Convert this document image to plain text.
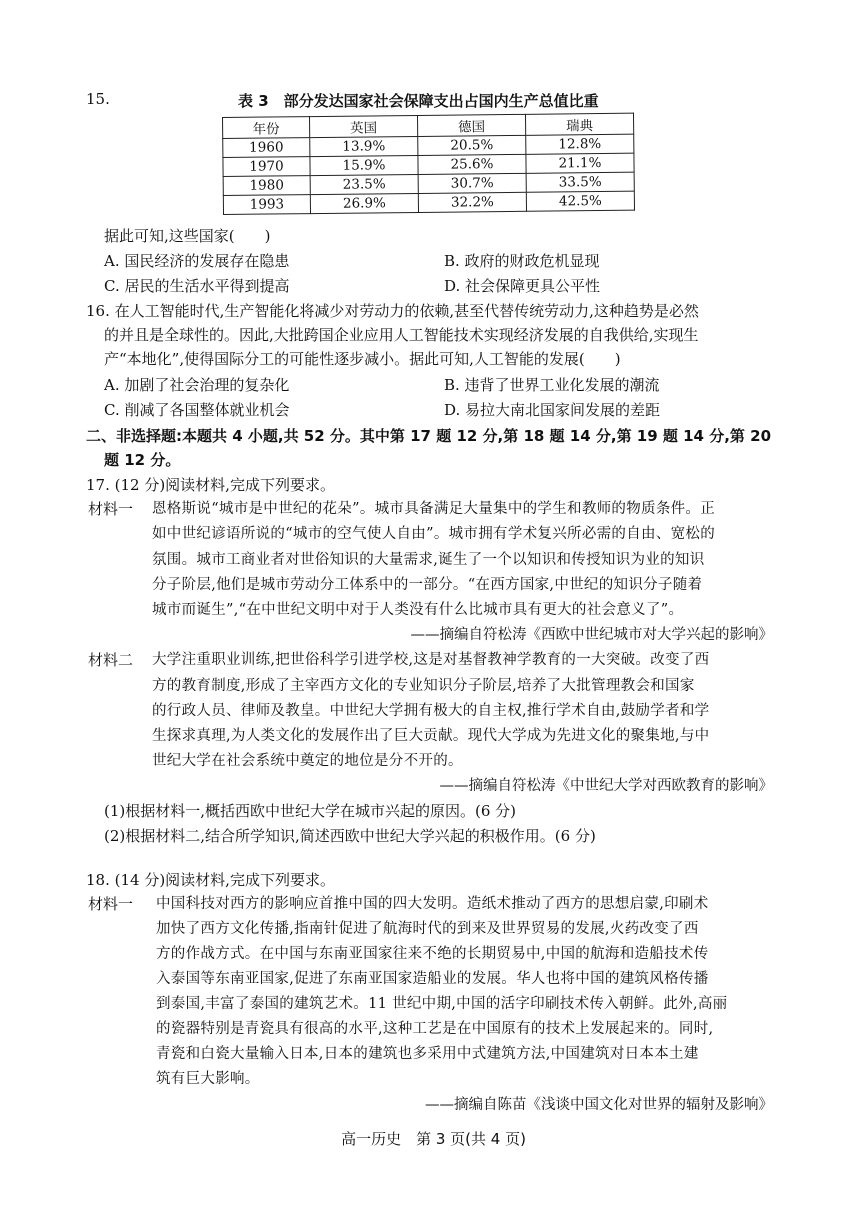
15.	表 3　部分发达国家社会保障支出占国内生产总值比重
年份	英国	德国	瑞典
1960	13.9%	20.5%	12.8%
1970	15.9%	25.6%	21.1%
1980	23.5%	30.7%	33.5%
1993	26.9%	32.2%	42.5%
据此可知,这些国家(　　)
A. 国民经济的发展存在隐患	B. 政府的财政危机显现
C. 居民的生活水平得到提高	D. 社会保障更具公平性
16. 在人工智能时代,生产智能化将减少对劳动力的依赖,甚至代替传统劳动力,这种趋势是必然
的并且是全球性的。因此,大批跨国企业应用人工智能技术实现经济发展的自我供给,实现生
产“本地化”,使得国际分工的可能性逐步减小。据此可知,人工智能的发展(　　)
A. 加剧了社会治理的复杂化	B. 违背了世界工业化发展的潮流
C. 削减了各国整体就业机会	D. 易拉大南北国家间发展的差距
二、非选择题:本题共 4 小题,共 52 分。其中第 17 题 12 分,第 18 题 14 分,第 19 题 14 分,第 20
题 12 分。
17. (12 分)阅读材料,完成下列要求。
材料一 恩格斯说“城市是中世纪的花朵”。城市具备满足大量集中的学生和教师的物质条件。正
如中世纪谚语所说的“城市的空气使人自由”。城市拥有学术复兴所必需的自由、宽松的
氛围。城市工商业者对世俗知识的大量需求,诞生了一个以知识和传授知识为业的知识
分子阶层,他们是城市劳动分工体系中的一部分。“在西方国家,中世纪的知识分子随着
城市而诞生”,“在中世纪文明中对于人类没有什么比城市具有更大的社会意义了”。
——摘编自符松涛《西欧中世纪城市对大学兴起的影响》
材料二 大学注重职业训练,把世俗科学引进学校,这是对基督教神学教育的一大突破。改变了西
方的教育制度,形成了主宰西方文化的专业知识分子阶层,培养了大批管理教会和国家
的行政人员、律师及教皇。中世纪大学拥有极大的自主权,推行学术自由,鼓励学者和学
生探求真理,为人类文化的发展作出了巨大贡献。现代大学成为先进文化的聚集地,与中
世纪大学在社会系统中奠定的地位是分不开的。
——摘编自符松涛《中世纪大学对西欧教育的影响》
(1)根据材料一,概括西欧中世纪大学在城市兴起的原因。(6 分)
(2)根据材料二,结合所学知识,简述西欧中世纪大学兴起的积极作用。(6 分)
18. (14 分)阅读材料,完成下列要求。
材料一 中国科技对西方的影响应首推中国的四大发明。造纸术推动了西方的思想启蒙,印刷术
加快了西方文化传播,指南针促进了航海时代的到来及世界贸易的发展,火药改变了西
方的作战方式。在中国与东南亚国家往来不绝的长期贸易中,中国的航海和造船技术传
入泰国等东南亚国家,促进了东南亚国家造船业的发展。华人也将中国的建筑风格传播
到泰国,丰富了泰国的建筑艺术。11 世纪中期,中国的活字印刷技术传入朝鲜。此外,高丽
的瓷器特别是青瓷具有很高的水平,这种工艺是在中国原有的技术上发展起来的。同时,
青瓷和白瓷大量输入日本,日本的建筑也多采用中式建筑方法,中国建筑对日本本土建
筑有巨大影响。
——摘编自陈苗《浅谈中国文化对世界的辐射及影响》
高一历史　第 3 页(共 4 页)
